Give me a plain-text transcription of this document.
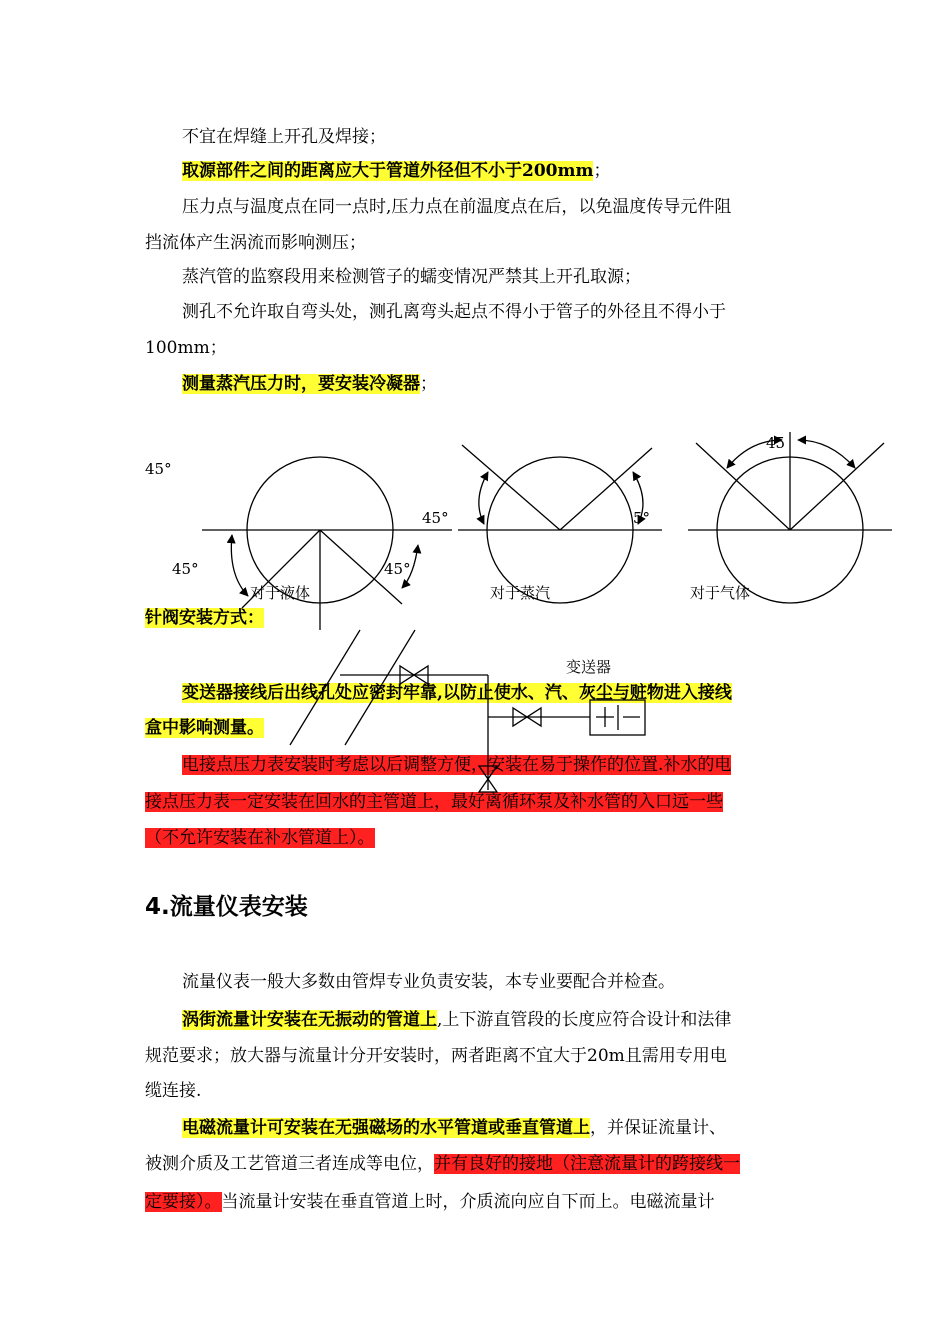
不宜在焊缝上开孔及焊接；
取源部件之间的距离应大于管道外径但不小于200mm；
压力点与温度点在同一点时,压力点在前温度点在后，以免温度传导元件阻
挡流体产生涡流而影响测压；
蒸汽管的监察段用来检测管子的蠕变情况严禁其上开孔取源；
测孔不允许取自弯头处，测孔离弯头起点不得小于管子的外径且不得小于
100mm；
测量蒸汽压力时，要安装冷凝器；
针阀安装方式：
变送器接线后出线孔处应密封牢靠,以防止使水、汽、灰尘与赃物进入接线
盒中影响测量。
电接点压力表安装时考虑以后调整方便，安装在易于操作的位置.补水的电
接点压力表一定安装在回水的主管道上，最好离循环泵及补水管的入口远一些
（不允许安装在补水管道上）。
4.流量仪表安装
流量仪表一般大多数由管焊专业负责安装，本专业要配合并检查。
涡街流量计安装在无振动的管道上,上下游直管段的长度应符合设计和法律
规范要求；放大器与流量计分开安装时，两者距离不宜大于20m且需用专用电
缆连接.
电磁流量计可安装在无强磁场的水平管道或垂直管道上，并保证流量计、
被测介质及工艺管道三者连成等电位，并有良好的接地（注意流量计的跨接线一
定要接）。当流量计安装在垂直管道上时，介质流向应自下而上。电磁流量计
45°
45°
45°	45°
5°
45
对于液体	对于蒸汽	对于气体
变送器
